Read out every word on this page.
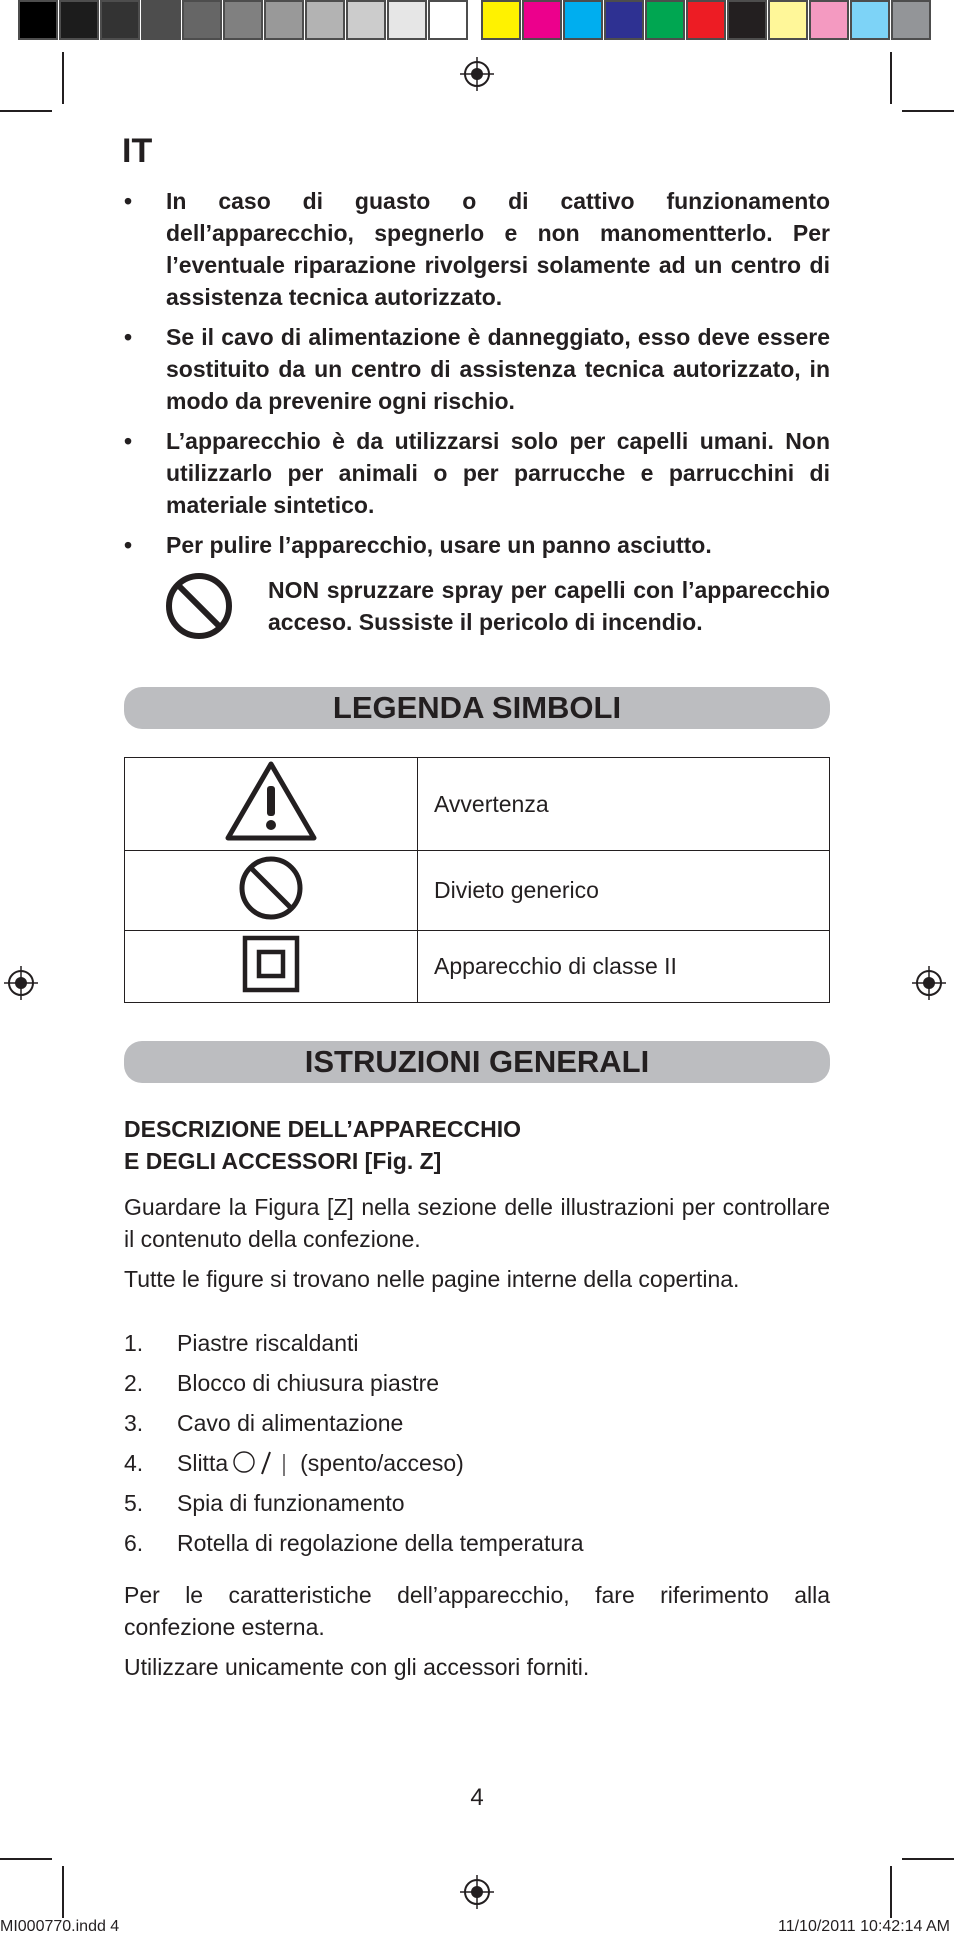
IT
• In caso di guasto o di cattivo funzionamento dell’apparecchio, spegnerlo e non manomentterlo. Per l’eventuale riparazione rivolgersi solamente ad un centro di assistenza tecnica autorizzato.
• Se il cavo di alimentazione è danneggiato, esso deve essere sostituito da un centro di assistenza tecnica autorizzato, in modo da prevenire ogni rischio.
• L’apparecchio è da utilizzarsi solo per capelli umani. Non utilizzarlo per animali o per parrucche e parrucchini di materiale sintetico.
• Per pulire l’apparecchio, usare un panno asciutto.
NON spruzzare spray per capelli con l’apparecchio acceso. Sussiste il pericolo di incendio.
LEGENDA SIMBOLI
	Avvertenza
	Divieto generico
	Apparecchio di classe II
ISTRUZIONI GENERALI
DESCRIZIONE DELL’APPARECCHIO
E DEGLI ACCESSORI [Fig. Z]

Guardare la Figura [Z] nella sezione delle illustrazioni per controllare il contenuto della confezione.

Tutte le figure si trovano nelle pagine interne della copertina.

1.	Piastre riscaldanti
2.	Blocco di chiusura piastre
3.	Cavo di alimentazione
4.	Slitta	(spento/acceso)
5.	Spia di funzionamento
6.	Rotella di regolazione della temperatura

Per le caratteristiche dell’apparecchio, fare riferimento alla confezione esterna.

Utilizzare unicamente con gli accessori forniti.

4
MI000770.indd 4	11/10/2011 10:42:14 AM
